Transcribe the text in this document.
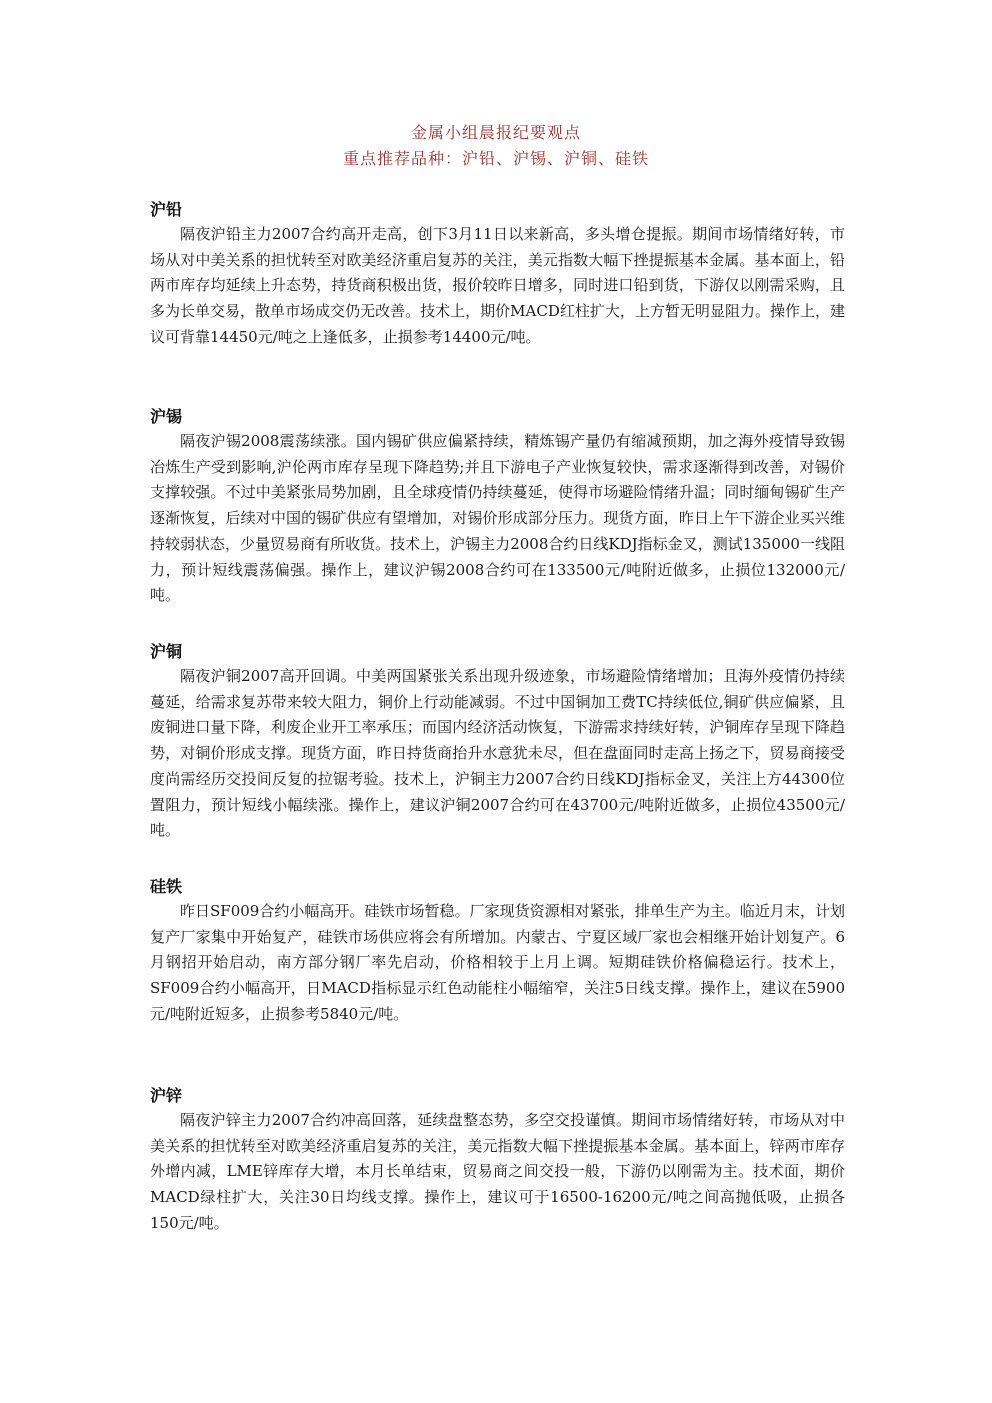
金属小组晨报纪要观点
重点推荐品种：沪铅、沪锡、沪铜、硅铁
沪铅

隔夜沪铅主力2007合约高开走高，创下3月11日以来新高，多头增仓提振。期间市场情绪好转，市场从对中美关系的担忧转至对欧美经济重启复苏的关注，美元指数大幅下挫提振基本金属。基本面上，铅两市库存均延续上升态势，持货商积极出货，报价较昨日增多，同时进口铅到货，下游仅以刚需采购，且多为长单交易，散单市场成交仍无改善。技术上，期价MACD红柱扩大，上方暂无明显阻力。操作上，建议可背靠14450元/吨之上逢低多，止损参考14400元/吨。

沪锡

隔夜沪锡2008震荡续涨。国内锡矿供应偏紧持续，精炼锡产量仍有缩减预期，加之海外疫情导致锡冶炼生产受到影响,沪伦两市库存呈现下降趋势;并且下游电子产业恢复较快，需求逐渐得到改善，对锡价支撑较强。不过中美紧张局势加剧，且全球疫情仍持续蔓延，使得市场避险情绪升温；同时缅甸锡矿生产逐渐恢复，后续对中国的锡矿供应有望增加，对锡价形成部分压力。现货方面，昨日上午下游企业买兴维持较弱状态，少量贸易商有所收货。技术上，沪锡主力2008合约日线KDJ指标金叉，测试135000一线阻力，预计短线震荡偏强。操作上，建议沪锡2008合约可在133500元/吨附近做多，止损位132000元/吨。

沪铜

隔夜沪铜2007高开回调。中美两国紧张关系出现升级迹象，市场避险情绪增加；且海外疫情仍持续蔓延，给需求复苏带来较大阻力，铜价上行动能减弱。不过中国铜加工费TC持续低位,铜矿供应偏紧，且废铜进口量下降，利废企业开工率承压；而国内经济活动恢复，下游需求持续好转，沪铜库存呈现下降趋势，对铜价形成支撑。现货方面，昨日持货商抬升水意犹未尽，但在盘面同时走高上扬之下，贸易商接受度尚需经历交投间反复的拉锯考验。技术上，沪铜主力2007合约日线KDJ指标金叉，关注上方44300位置阻力，预计短线小幅续涨。操作上，建议沪铜2007合约可在43700元/吨附近做多，止损位43500元/吨。

硅铁

昨日SF009合约小幅高开。硅铁市场暂稳。厂家现货资源相对紧张，排单生产为主。临近月末，计划复产厂家集中开始复产，硅铁市场供应将会有所增加。内蒙古、宁夏区域厂家也会相继开始计划复产。6月钢招开始启动，南方部分钢厂率先启动，价格相较于上月上调。短期硅铁价格偏稳运行。技术上，SF009合约小幅高开，日MACD指标显示红色动能柱小幅缩窄，关注5日线支撑。操作上，建议在5900元/吨附近短多，止损参考5840元/吨。

沪锌

隔夜沪锌主力2007合约冲高回落，延续盘整态势，多空交投谨慎。期间市场情绪好转，市场从对中美关系的担忧转至对欧美经济重启复苏的关注，美元指数大幅下挫提振基本金属。基本面上，锌两市库存外增内减，LME锌库存大增，本月长单结束，贸易商之间交投一般，下游仍以刚需为主。技术面，期价MACD绿柱扩大，关注30日均线支撑。操作上，建议可于16500-16200元/吨之间高抛低吸，止损各150元/吨。
